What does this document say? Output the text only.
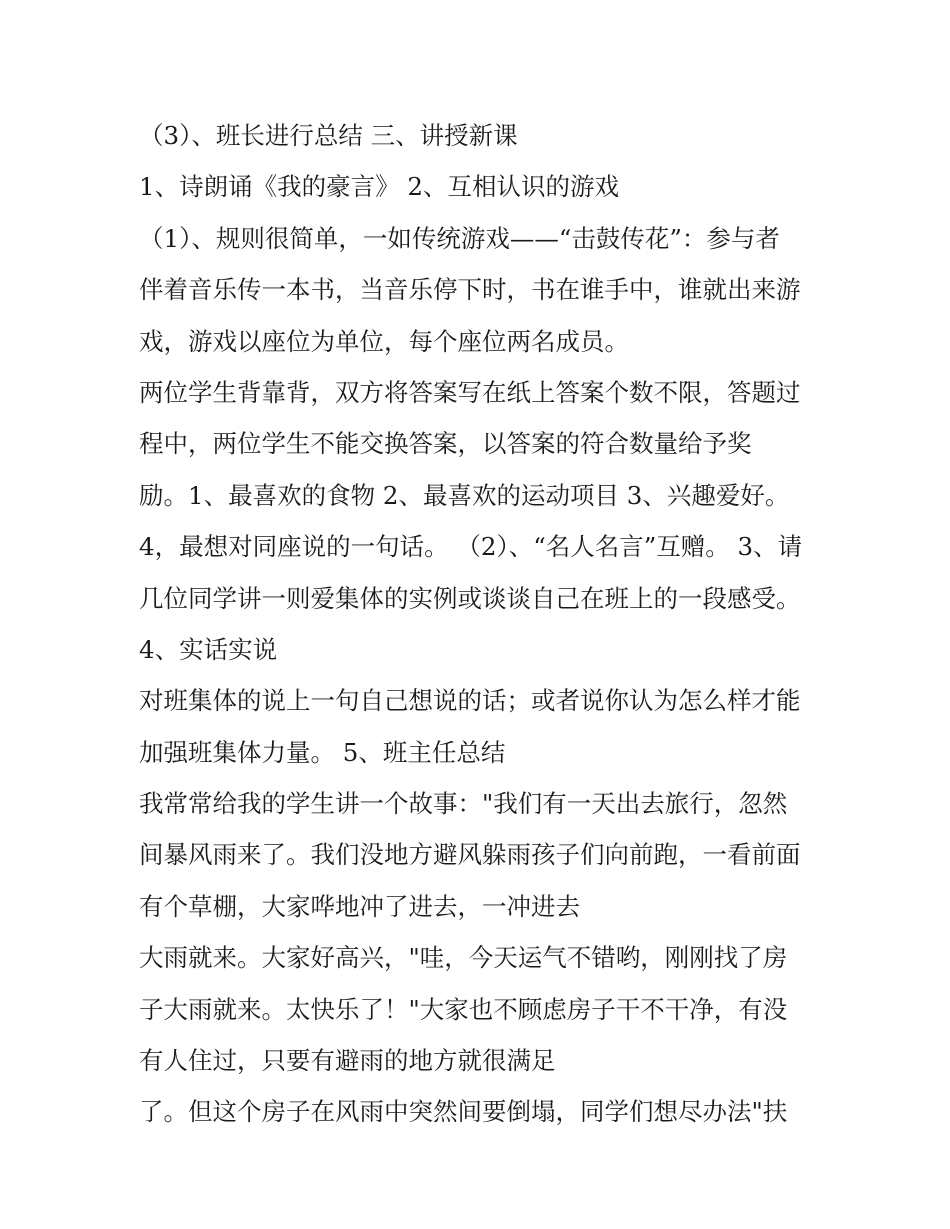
（3）、班长进行总结 三、讲授新课
1、诗朗诵《我的豪言》 2、互相认识的游戏
（1）、规则很简单，一如传统游戏——“击鼓传花”：参与者
伴着音乐传一本书，当音乐停下时，书在谁手中，谁就出来游
戏，游戏以座位为单位，每个座位两名成员。
两位学生背靠背，双方将答案写在纸上答案个数不限，答题过
程中，两位学生不能交换答案，以答案的符合数量给予奖
励。1、最喜欢的食物 2、最喜欢的运动项目 3、兴趣爱好。
4，最想对同座说的一句话。 （2）、“名人名言”互赠。 3、请
几位同学讲一则爱集体的实例或谈谈自己在班上的一段感受。
4、实话实说
对班集体的说上一句自己想说的话；或者说你认为怎么样才能
加强班集体力量。 5、班主任总结
我常常给我的学生讲一个故事："我们有一天出去旅行，忽然
间暴风雨来了。我们没地方避风躲雨孩子们向前跑，一看前面
有个草棚，大家哗地冲了进去，一冲进去
大雨就来。大家好高兴，"哇，今天运气不错哟，刚刚找了房
子大雨就来。太快乐了！"大家也不顾虑房子干不干净，有没
有人住过，只要有避雨的地方就很满足
了。但这个房子在风雨中突然间要倒塌，同学们想尽办法"扶
